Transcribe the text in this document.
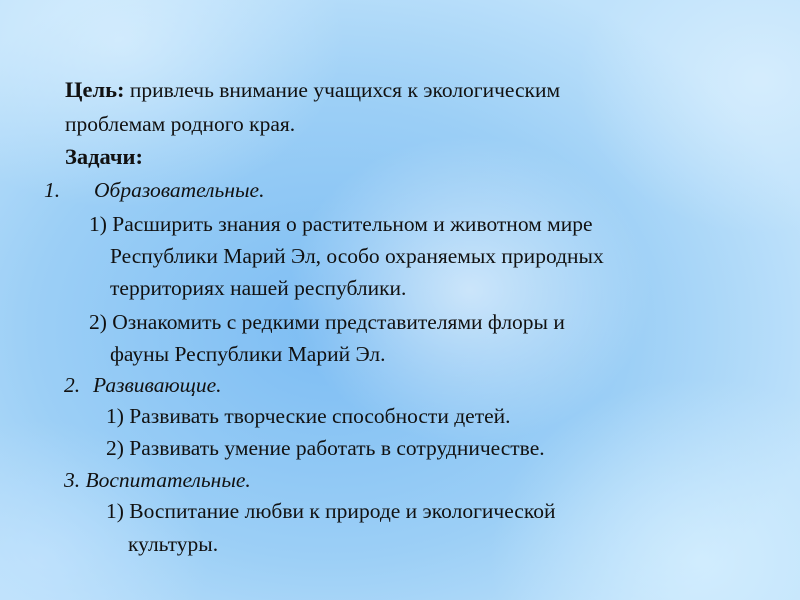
Цель: привлечь внимание учащихся к экологическим
проблемам родного края.
Задачи:
1. Образовательные.
1) Расширить знания о растительном и животном мире
Республики Марий Эл, особо охраняемых природных
территориях нашей республики.
2) Ознакомить с редкими представителями флоры и
фауны Республики Марий Эл.
2. Развивающие.
1) Развивать творческие способности детей.
2) Развивать умение работать в сотрудничестве.
3. Воспитательные.
1) Воспитание любви к природе и экологической
культуры.
